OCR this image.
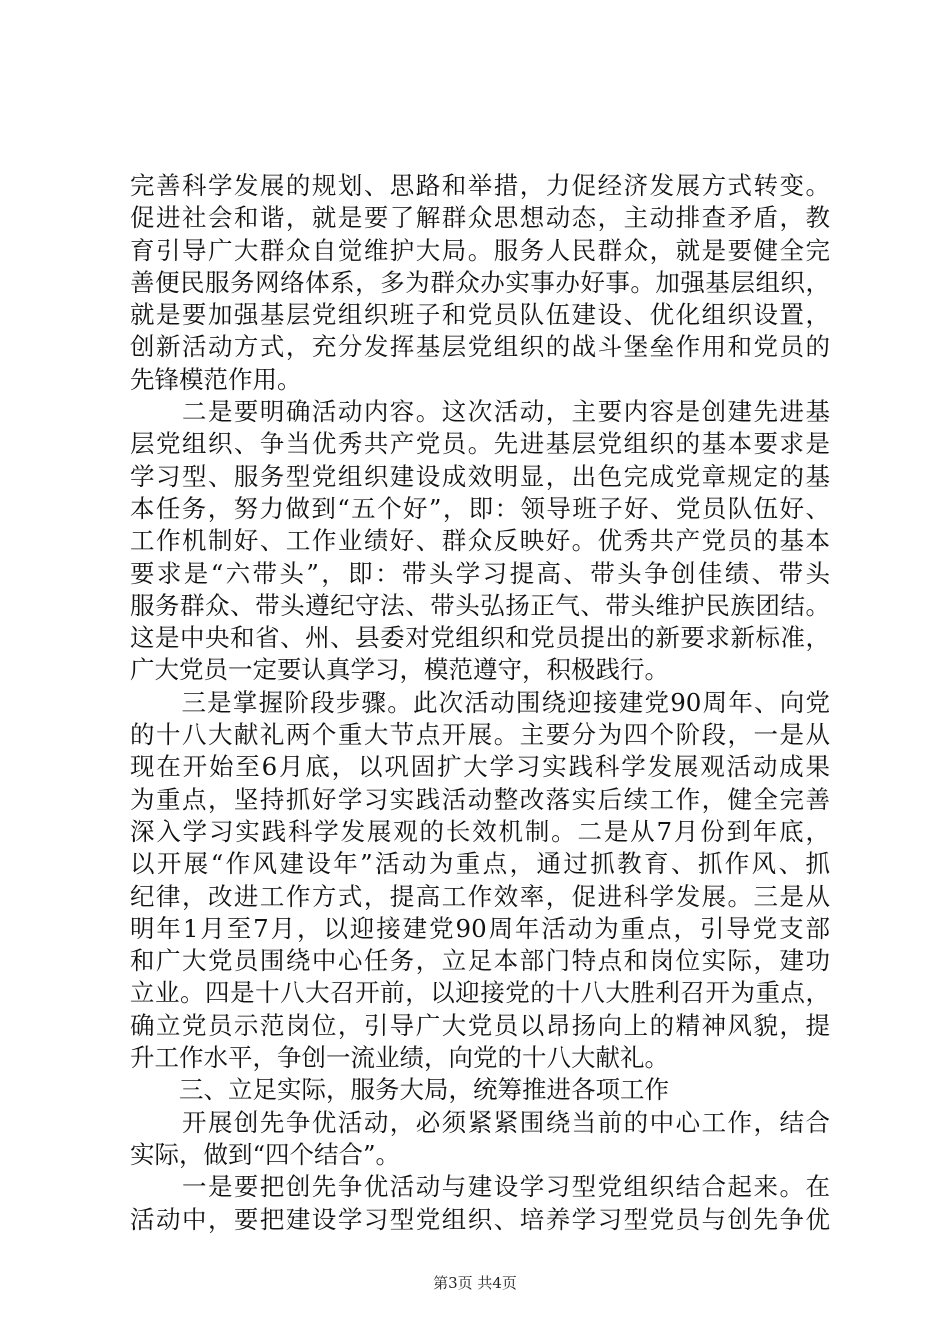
完善科学发展的规划、思路和举措，力促经济发展方式转变。
促进社会和谐，就是要了解群众思想动态，主动排查矛盾，教
育引导广大群众自觉维护大局。服务人民群众，就是要健全完
善便民服务网络体系，多为群众办实事办好事。加强基层组织，
就是要加强基层党组织班子和党员队伍建设、优化组织设置，
创新活动方式，充分发挥基层党组织的战斗堡垒作用和党员的
先锋模范作用。
　　二是要明确活动内容。这次活动，主要内容是创建先进基
层党组织、争当优秀共产党员。先进基层党组织的基本要求是
学习型、服务型党组织建设成效明显，出色完成党章规定的基
本任务，努力做到“五个好”，即：领导班子好、党员队伍好、
工作机制好、工作业绩好、群众反映好。优秀共产党员的基本
要求是“六带头”，即：带头学习提高、带头争创佳绩、带头
服务群众、带头遵纪守法、带头弘扬正气、带头维护民族团结。
这是中央和省、州、县委对党组织和党员提出的新要求新标准，
广大党员一定要认真学习，模范遵守，积极践行。
　　三是掌握阶段步骤。此次活动围绕迎接建党90周年、向党
的十八大献礼两个重大节点开展。主要分为四个阶段，一是从
现在开始至6月底，以巩固扩大学习实践科学发展观活动成果
为重点，坚持抓好学习实践活动整改落实后续工作，健全完善
深入学习实践科学发展观的长效机制。二是从7月份到年底，
以开展“作风建设年”活动为重点，通过抓教育、抓作风、抓
纪律，改进工作方式，提高工作效率，促进科学发展。三是从
明年1月至7月，以迎接建党90周年活动为重点，引导党支部
和广大党员围绕中心任务，立足本部门特点和岗位实际，建功
立业。四是十八大召开前，以迎接党的十八大胜利召开为重点，
确立党员示范岗位，引导广大党员以昂扬向上的精神风貌，提
升工作水平，争创一流业绩，向党的十八大献礼。
　　三、立足实际，服务大局，统筹推进各项工作
　　开展创先争优活动，必须紧紧围绕当前的中心工作，结合
实际，做到“四个结合”。
　　一是要把创先争优活动与建设学习型党组织结合起来。在
活动中，要把建设学习型党组织、培养学习型党员与创先争优
第3页 共4页
